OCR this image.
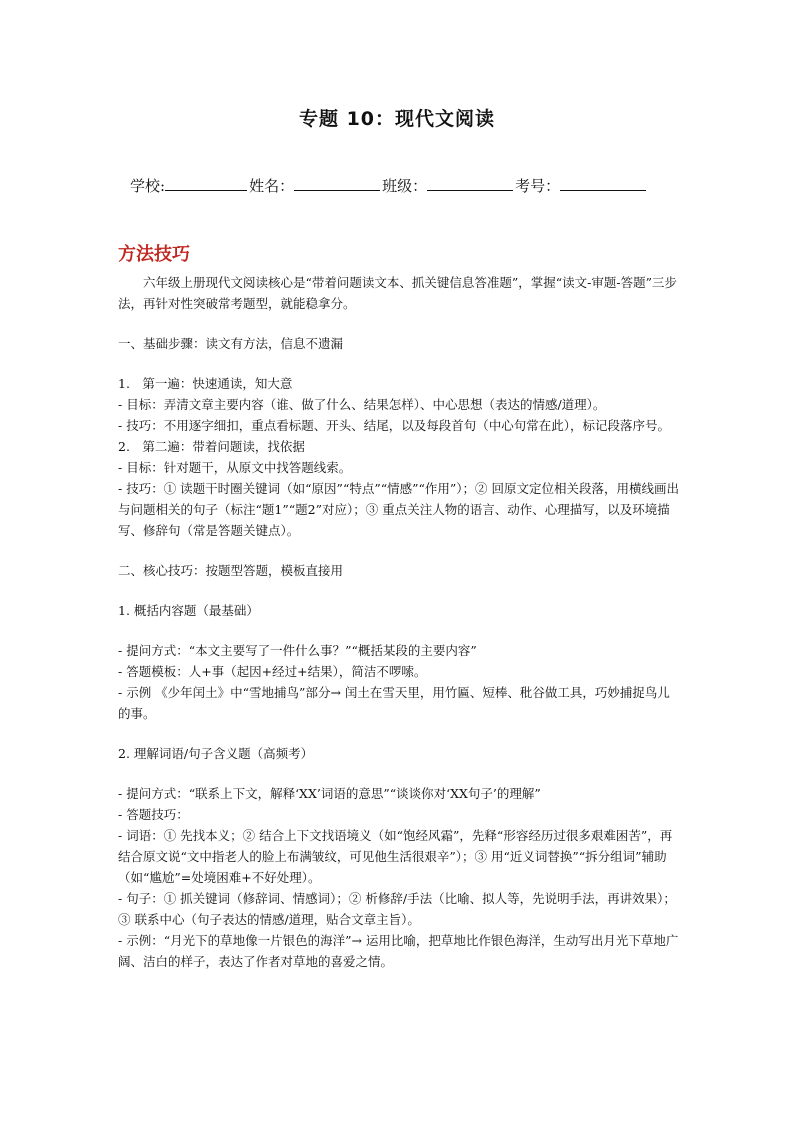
专题 10：现代文阅读
学校:	姓名：	班级：	考号：
方法技巧

六年级上册现代文阅读核心是“带着问题读文本、抓关键信息答准题”，掌握“读文-审题-答题”三步法，再针对性突破常考题型，就能稳拿分。

一、基础步骤：读文有方法，信息不遗漏

1.　第一遍：快速通读，知大意

- 目标：弄清文章主要内容（谁、做了什么、结果怎样）、中心思想（表达的情感/道理）。

- 技巧：不用逐字细扣，重点看标题、开头、结尾，以及每段首句（中心句常在此），标记段落序号。

2.　第二遍：带着问题读，找依据

- 目标：针对题干，从原文中找答题线索。

- 技巧：① 读题干时圈关键词（如“原因”“特点”“情感”“作用”）；② 回原文定位相关段落，用横线画出与问题相关的句子（标注“题1”“题2”对应）；③ 重点关注人物的语言、动作、心理描写，以及环境描写、修辞句（常是答题关键点）。

二、核心技巧：按题型答题，模板直接用

1. 概括内容题（最基础）

- 提问方式：“本文主要写了一件什么事？”“概括某段的主要内容”

- 答题模板：人+事（起因+经过+结果），简洁不啰嗦。

- 示例 《少年闰土》中“雪地捕鸟”部分→ 闰土在雪天里，用竹匾、短棒、秕谷做工具，巧妙捕捉鸟儿的事。

2. 理解词语/句子含义题（高频考）

- 提问方式：“联系上下文，解释‘XX’词语的意思”“谈谈你对‘XX句子’的理解”

- 答题技巧：

- 词语：① 先找本义；② 结合上下文找语境义（如“饱经风霜”，先释“形容经历过很多艰难困苦”，再结合原文说“文中指老人的脸上布满皱纹，可见他生活很艰辛”）；③ 用“近义词替换”“拆分组词”辅助（如“尴尬”=处境困难+不好处理）。

- 句子：① 抓关键词（修辞词、情感词）；② 析修辞/手法（比喻、拟人等，先说明手法，再讲效果）；③ 联系中心（句子表达的情感/道理，贴合文章主旨）。

- 示例：“月光下的草地像一片银色的海洋”→ 运用比喻，把草地比作银色海洋，生动写出月光下草地广阔、洁白的样子，表达了作者对草地的喜爱之情。
